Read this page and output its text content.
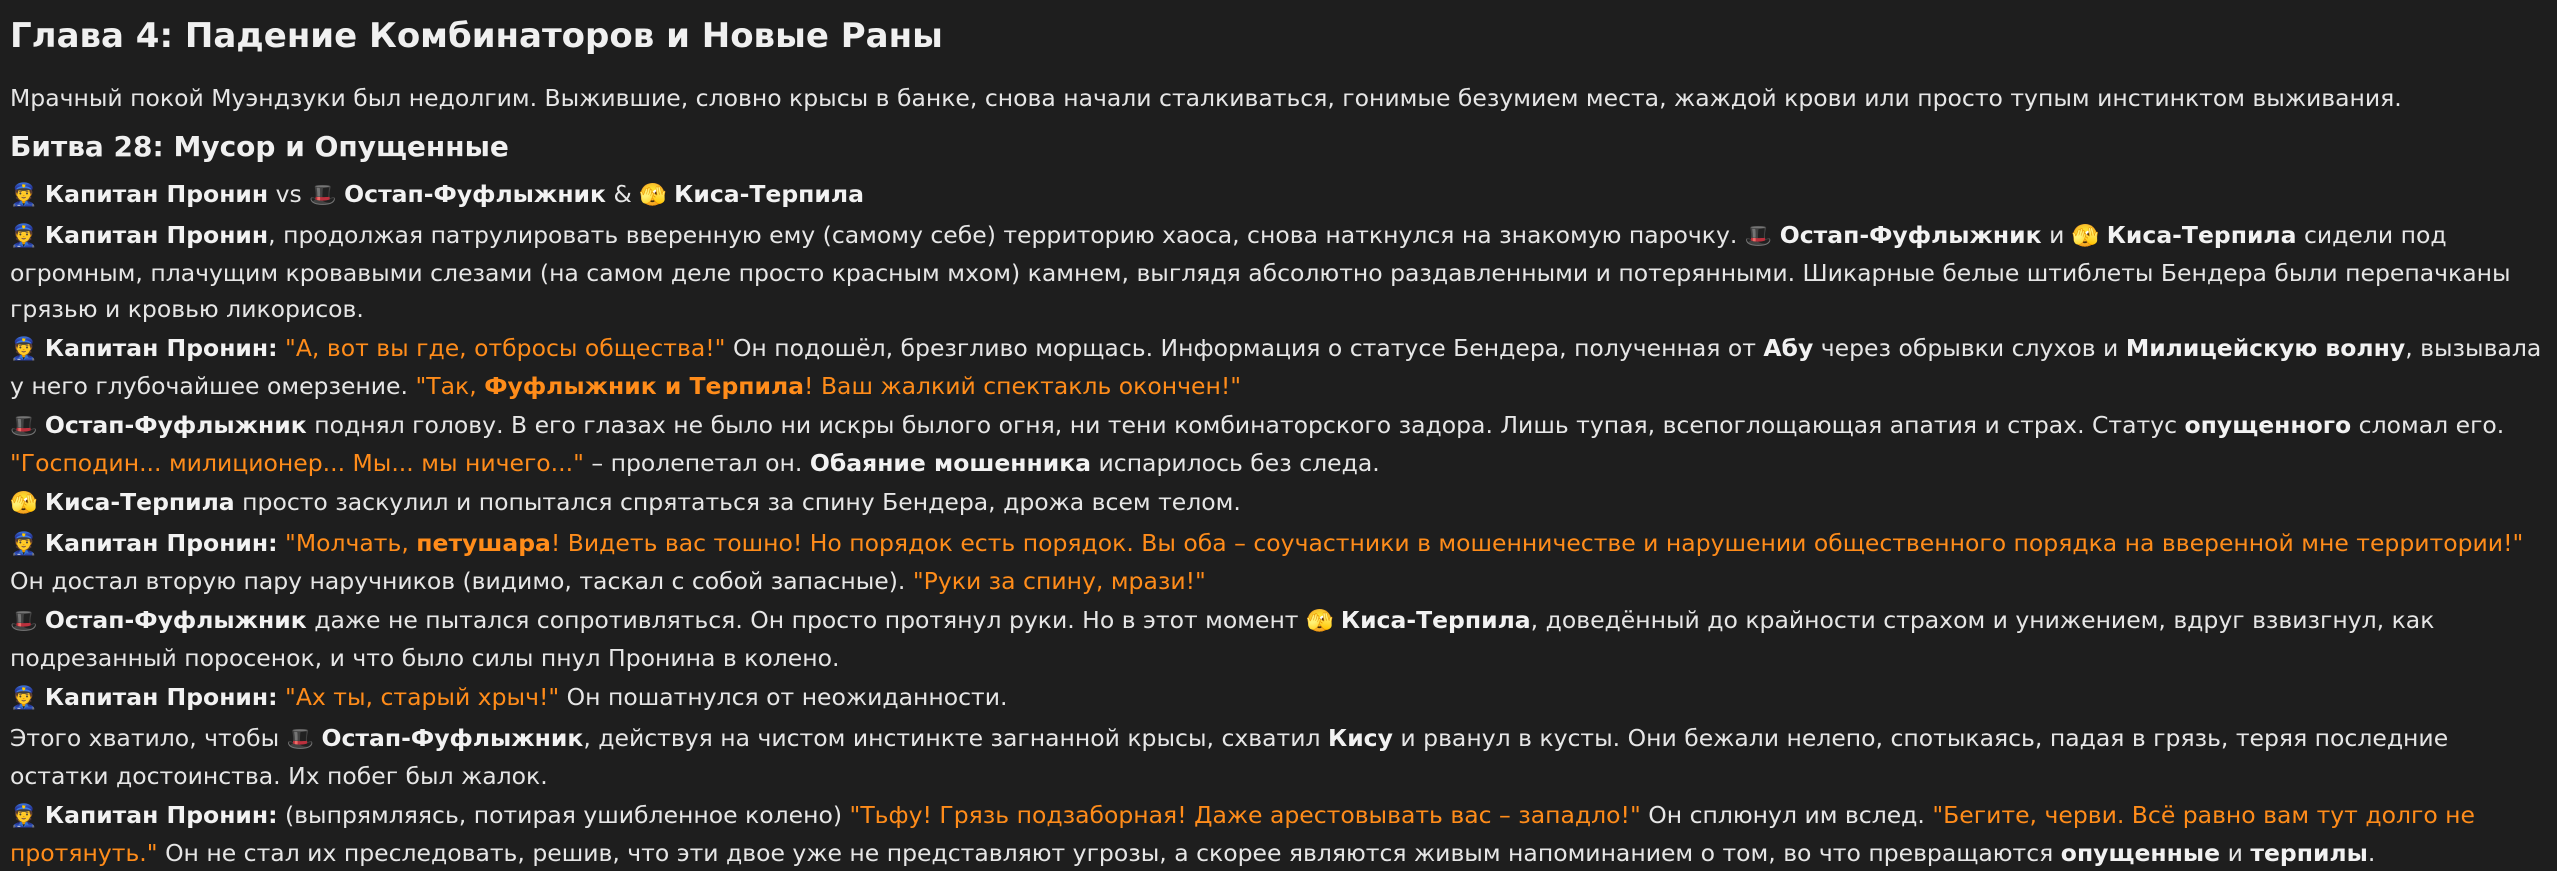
Глава 4: Падение Комбинаторов и Новые Раны

Мрачный покой Муэндзуки был недолгим. Выжившие, словно крысы в банке, снова начали сталкиваться, гонимые безумием места, жаждой крови или просто тупым инстинктом выживания.

Битва 28: Мусор и Опущенные

👮 Капитан Пронин vs 🎩 Остап-Фуфлыжник & 🫣 Киса-Терпила

👮 Капитан Пронин, продолжая патрулировать вверенную ему (самому себе) территорию хаоса, снова наткнулся на знакомую парочку. 🎩 Остап-Фуфлыжник и 🫣 Киса-Терпила сидели под огромным, плачущим кровавыми слезами (на самом деле просто красным мхом) камнем, выглядя абсолютно раздавленными и потерянными. Шикарные белые штиблеты Бендера были перепачканы грязью и кровью ликорисов.

👮 Капитан Пронин: "А, вот вы где, отбросы общества!" Он подошёл, брезгливо морщась. Информация о статусе Бендера, полученная от Абу через обрывки слухов и Милицейскую волну, вызывала у него глубочайшее омерзение. "Так, Фуфлыжник и Терпила! Ваш жалкий спектакль окончен!"

🎩 Остап-Фуфлыжник поднял голову. В его глазах не было ни искры былого огня, ни тени комбинаторского задора. Лишь тупая, всепоглощающая апатия и страх. Статус опущенного сломал его. "Господин... милиционер... Мы... мы ничего..." – пролепетал он. Обаяние мошенника испарилось без следа.

🫣 Киса-Терпила просто заскулил и попытался спрятаться за спину Бендера, дрожа всем телом.

👮 Капитан Пронин: "Молчать, петушара! Видеть вас тошно! Но порядок есть порядок. Вы оба – соучастники в мошенничестве и нарушении общественного порядка на вверенной мне территории!" Он достал вторую пару наручников (видимо, таскал с собой запасные). "Руки за спину, мрази!"

🎩 Остап-Фуфлыжник даже не пытался сопротивляться. Он просто протянул руки. Но в этот момент 🫣 Киса-Терпила, доведённый до крайности страхом и унижением, вдруг взвизгнул, как подрезанный поросенок, и что было силы пнул Пронина в колено.

👮 Капитан Пронин: "Ах ты, старый хрыч!" Он пошатнулся от неожиданности.

Этого хватило, чтобы 🎩 Остап-Фуфлыжник, действуя на чистом инстинкте загнанной крысы, схватил Кису и рванул в кусты. Они бежали нелепо, спотыкаясь, падая в грязь, теряя последние остатки достоинства. Их побег был жалок.

👮 Капитан Пронин: (выпрямляясь, потирая ушибленное колено) "Тьфу! Грязь подзаборная! Даже арестовывать вас – западло!" Он сплюнул им вслед. "Бегите, черви. Всё равно вам тут долго не протянуть." Он не стал их преследовать, решив, что эти двое уже не представляют угрозы, а скорее являются живым напоминанием о том, во что превращаются опущенные и терпилы.
